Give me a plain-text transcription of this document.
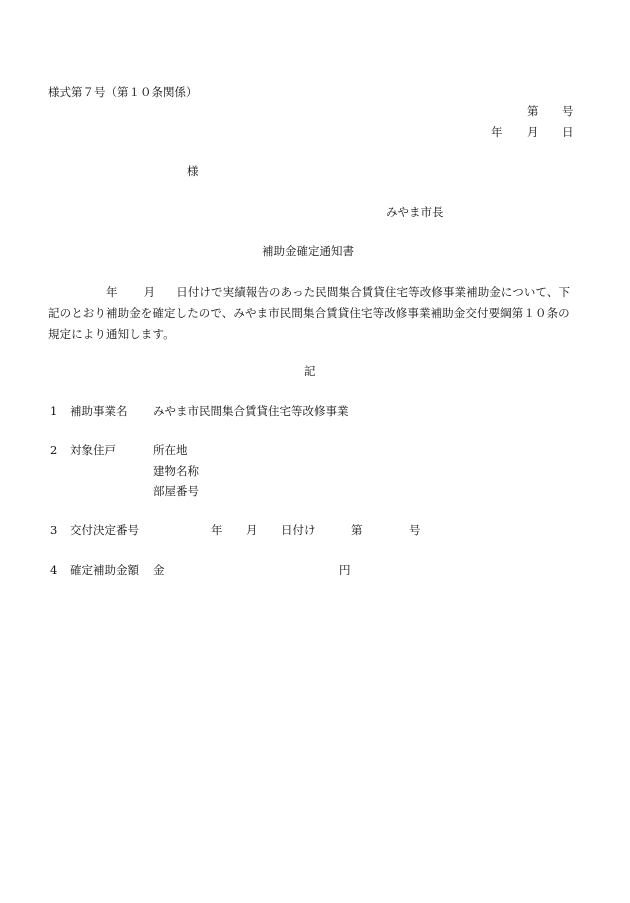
様式第７号（第１０条関係）
第 号
年 月 日
様
みやま市長
補助金確定通知書
年 月 日付けで実績報告のあった民間集合賃貸住宅等改修事業補助金について、下記のとおり補助金を確定したので、みやま市民間集合賃貸住宅等改修事業補助金交付要綱第１０条の規定により通知します。
記
1 補助事業名 みやま市民間集合賃貸住宅等改修事業
2 対象住戸	所在地
建物名称
部屋番号
3 交付決定番号	年 月 日付け	第	号
4 確定補助金額 金	円
